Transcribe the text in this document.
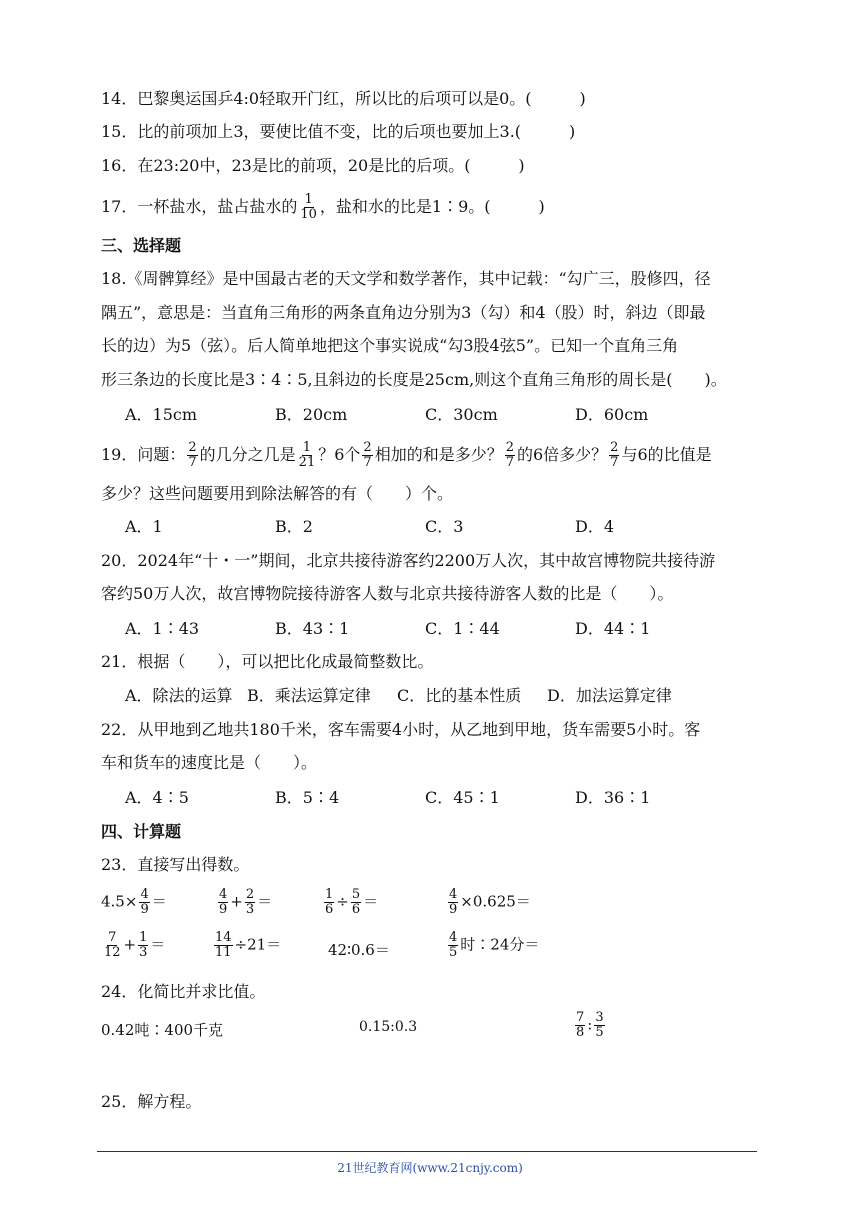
14．巴黎奥运国乒4:0轻取开门红，所以比的后项可以是0。(　　　)
15．比的前项加上3，要使比值不变，比的后项也要加上3.(　　　)
16．在23:20中，23是比的前项，20是比的后项。(　　　)
17．一杯盐水，盐占盐水的 $\frac{1}{10}$ ，盐和水的比是1∶9。(　　　)
三、选择题
18.《周髀算经》是中国最古老的天文学和数学著作，其中记载：“勾广三，股修四，径
隅五”，意思是：当直角三角形的两条直角边分别为3（勾）和4（股）时，斜边（即最
长的边）为5（弦）。后人简单地把这个事实说成“勾3股4弦5”。已知一个直角三角
形三条边的长度比是3∶4∶5,且斜边的长度是25cm,则这个直角三角形的周长是(　　)。
A．15cm	B．20cm	C．30cm	D．60cm
19．问题： $\frac{2}{7}$ 的几分之几是 $\frac{1}{21}$ ？6个 $\frac{2}{7}$ 相加的和是多少？ $\frac{2}{7}$ 的6倍多少？ $\frac{2}{7}$ 与6的比值是
多少？这些问题要用到除法解答的有（　　）个。
A．1	B．2	C．3	D．4
20．2024年“十・一”期间，北京共接待游客约2200万人次，其中故宫博物院共接待游
客约50万人次，故宫博物院接待游客人数与北京共接待游客人数的比是（　　）。
A．1∶43	B．43∶1	C．1∶44	D．44∶1
21．根据（　　），可以把比化成最简整数比。
A．除法的运算 B．乘法运算定律 C．比的基本性质 D．加法运算定律
22．从甲地到乙地共180千米，客车需要4小时，从乙地到甲地，货车需要5小时。客
车和货车的速度比是（　　）。
A．4∶5	B．5∶4	C．45∶1	D．36∶1
四、计算题
23．直接写出得数。
$4.5\times \frac{4}{9}$ ＝	$\frac{4}{9} + \frac{2}{3}$ ＝	$\frac{1}{6} \div \frac{5}{6}$ ＝	$\frac{4}{9} \times 0.625=$
$\frac{7}{12} + \frac{1}{3}$ ＝	$\frac{14}{11} \div 21=$	42∶0.6＝	$\frac{4}{5}$ 时∶24分＝
24．化简比并求比值。
0.42吨∶400千克	0.15:0.3	$\frac{7}{8}$ : $\frac{3}{5}$
25．解方程。
21世纪教育网(www.21cnjy.com)
